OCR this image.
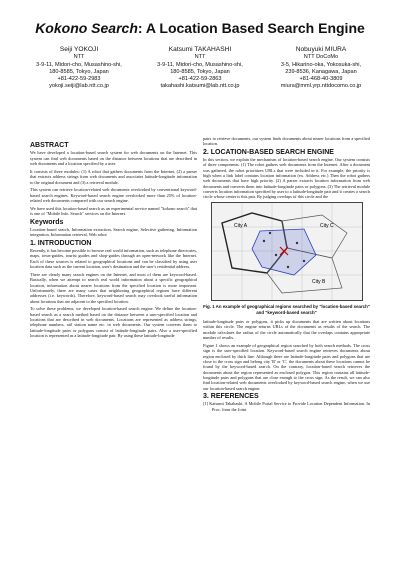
Kokono Search: A Location Based Search Engine
Seiji YOKOJI
NTT
3-9-11, Midori-cho, Musashino-shi,
180-8585, Tokyo, Japan
+81-422-59-2983
yokoji.seiji@lab.ntt.co.jp
Katsumi TAKAHASHI
NTT
3-9-11, Midori-cho, Musashino-shi,
180-8585, Tokyo, Japan
+81-422-59-2863
takahashi.katsumi@lab.ntt.co.jp
Nobuyuki MIURA
NTT DoCoMo
3-5, Hikarino-oka, Yokosuka-shi,
239-8536, Kanagawa, Japan
+81-468-40-3809
miura@mml.yrp.nttdocomo.co.jp
ABSTRACT

We have developed a location-based search system for web documents on the Internet. This system can find web documents based on the distance between locations that are described in web documents and a location specified by a user.

It consists of three modules: (1) A robot that gathers documents from the Internet, (2) a parser that extracts address strings from web documents and associates latitude-longitude information to the original document and (3) a retrieval module.

This system can retrieve location-related web documents overlooked by conventional keyword-based search engines. Keyword-based search engine overlooked more than 25% of location-related web documents compared with our search engine.

We have used this location-based search as an experimental service named "kokono search" that is one of "Mobile Info. Search" services on the Internet.

Keywords

Location-based search, Information extraction, Search engine, Selective gathering, Information integration, Information retrieval, Web robot

1. INTRODUCTION

Recently, it has become possible to browse real world information, such as telephone directories, maps, town-guides, tourist guides and shop-guides through an open-network like the Internet. Each of these sources is related to geographical locations and can be classified by using user location data such as the current location, user's destination and the user's residential address.

There are clearly many search engines on the Internet, and most of them are keyword-based. Basically, when we attempt to search real world information about a specific geographical location, information about nearer locations from the specified location is more important. Unfortunately, there are many cases that neighboring geographical regions have different addresses (i.e. keywords). Therefore, keyword-based search may overlook useful information about locations that are adjacent to the specified location.

To solve these problems, we developed location-based search engine. We define the location-based search as a search method based on the distance between a user-specified location and locations that are described in web documents. Locations are represented as address strings, telephone numbers, rail station name etc. in web documents. Our system converts them to latitude-longitude pairs or polygons consist of latitude-longitude pairs. Also a user-specified location is represented as a latitude-longitude pair. By using these latitude-longitude

pairs to retrieve documents, our system finds documents about nearer locations from a specified location.

2. LOCATION-BASED SEARCH ENGINE

In this section, we explain the mechanism of location-based search engine. Our system consists of three components. (1) The robot gathers web documents from the Internet. After a document was gathered, the robot prioritizes URLs that were included in it. For example, the priority is high when a link label contains location information (ex. Address etc.) Then the robot gathers web documents that have high priority. (2) A parser extracts location information from web documents and converts them into latitude-longitude pairs or polygons. (3) The retrieval module converts location information specified by user to a latitude-longitude pair and it creates a search circle whose center is this pair. By judging overlaps of this circle and the

City A
City B
City C
Fig. 1 An example of geographical regions searched by "location-based search" and "keyword-based search"

latitude-longitude pairs or polygons, it picks up documents that are written about locations within this circle. The engine returns URLs of the documents as results of the search. The module calculates the radius of the circle automatically that the overlaps contains appropriate number of results.

Figure 1 shows an example of geographical region searched by both search methods. The cross sign is the user-specified location. Keyword-based search engine retrieves documents about region enclosed by thick line. Although there are latitude-longitude pairs and polygons that are close to the cross sign and belong city 'B' or 'C', the documents about these locations cannot be found by the keyword-based search. On the contrary, location-based search retrieves the documents about the region represented as enclosed polygon. This region contains all latitude-longitude pairs and polygons that are close enough to the cross sign. As the result, we can also find location-related web documents overlooked by keyword-based search engine, when we use our location-based search engine.

3. REFERENCES

[1] Katsumi Takahashi, A Mobile Portal Service to Provide Location Dependent Information. In Proc. from the Joint
